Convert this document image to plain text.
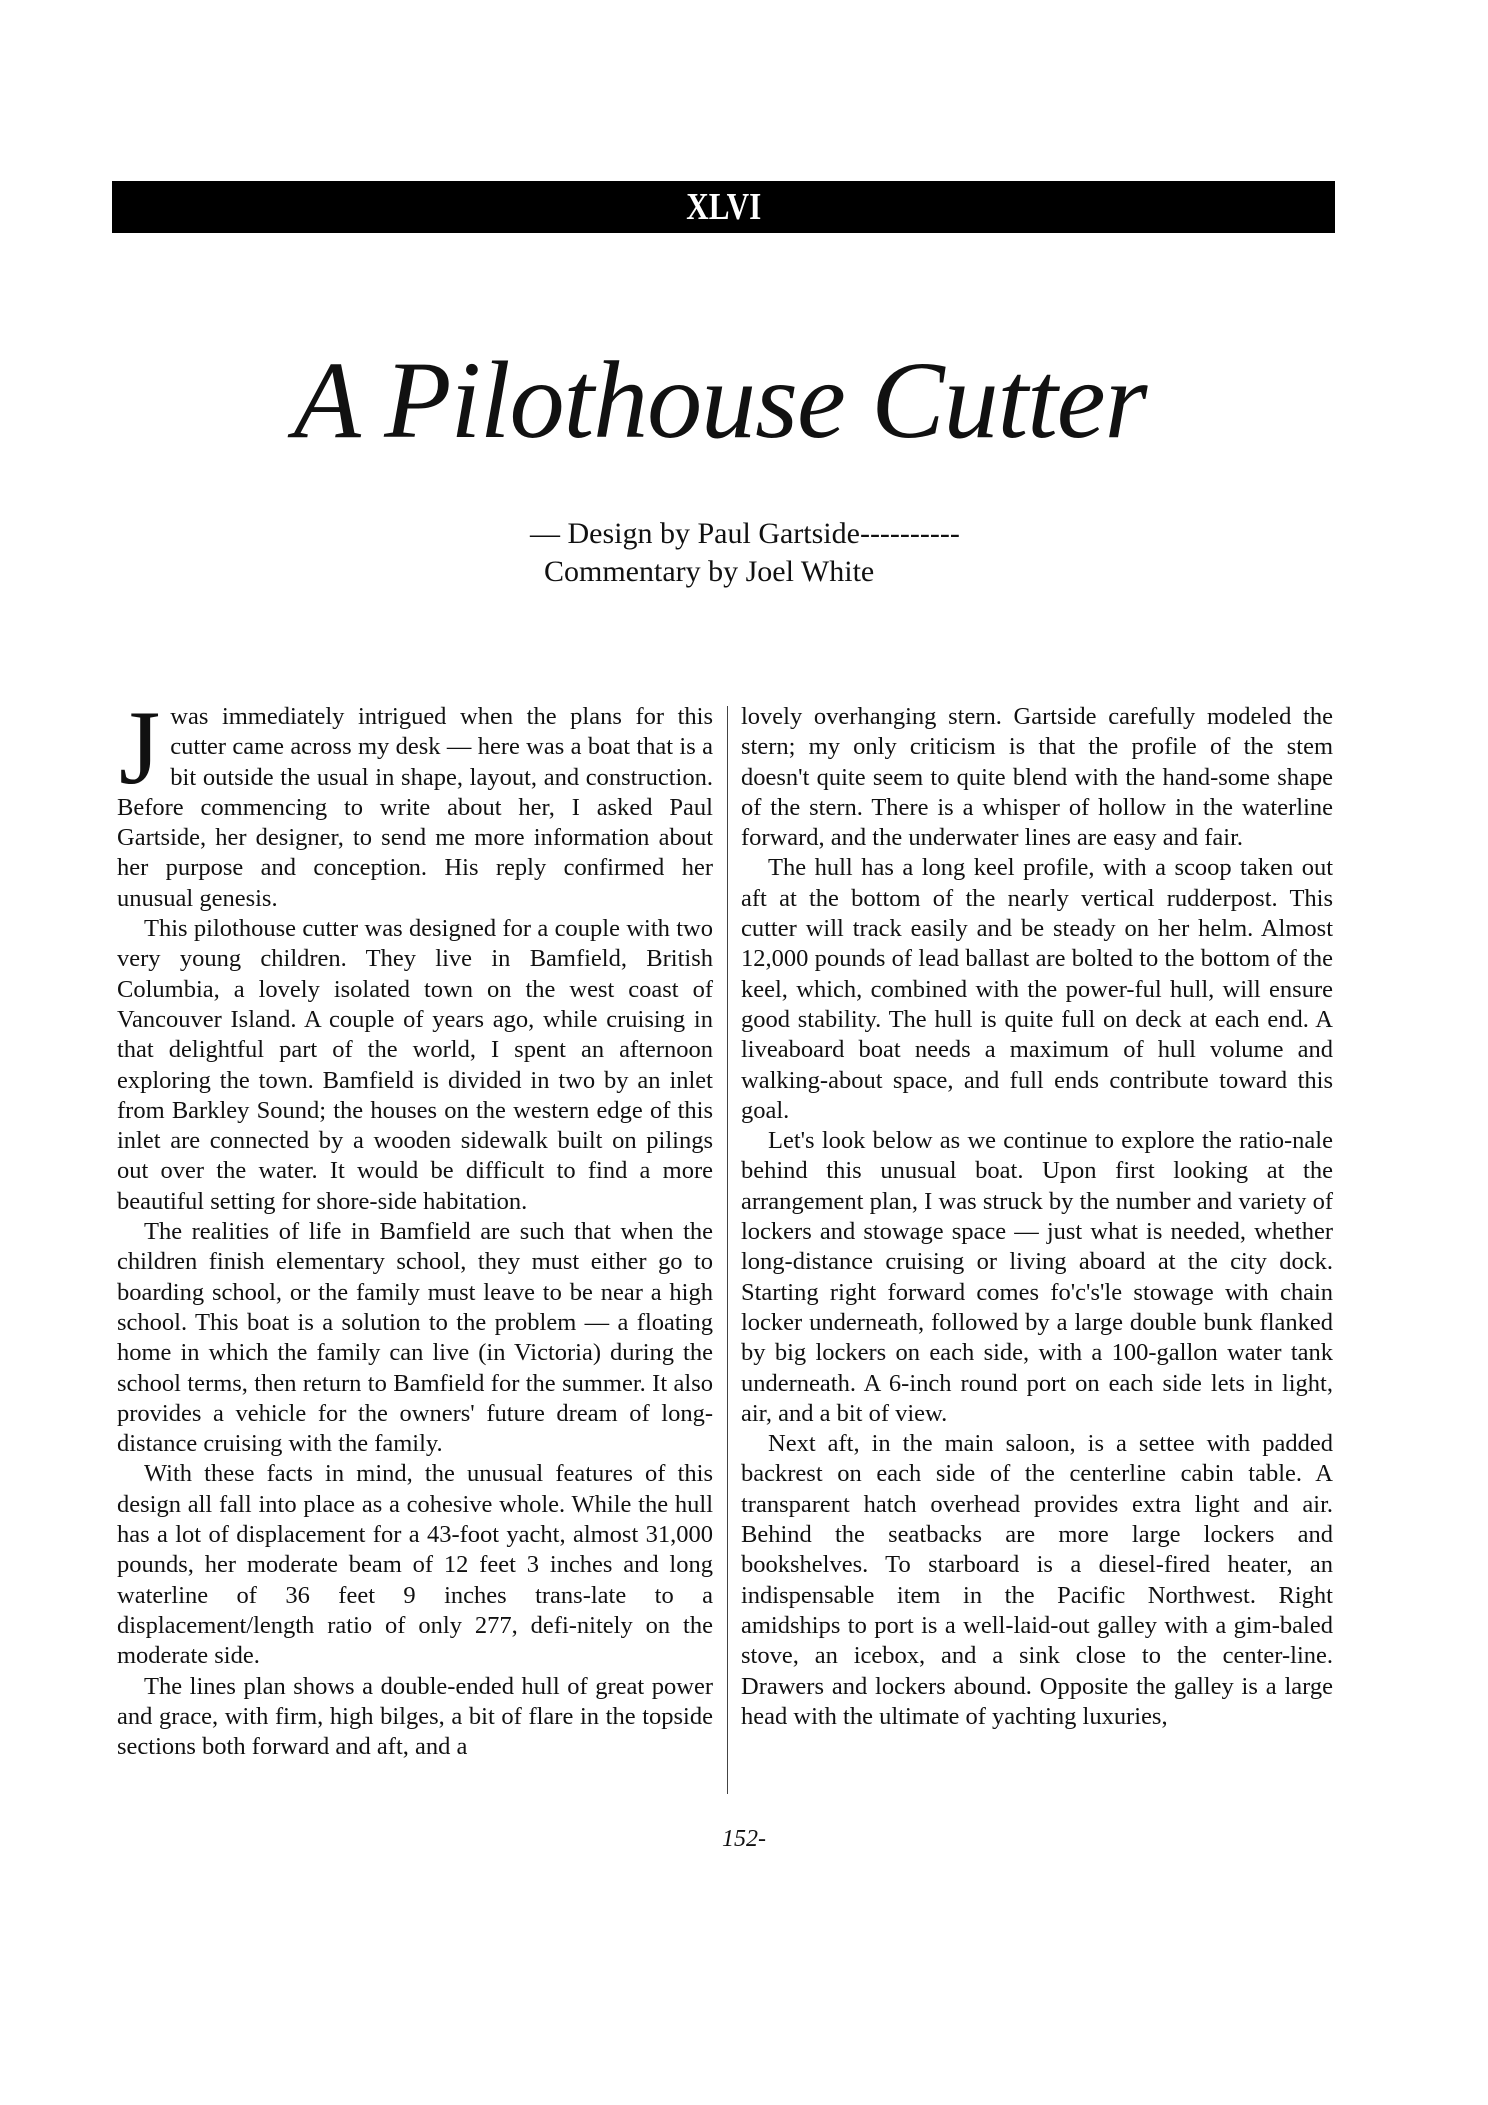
XLVI
A Pilothouse Cutter
— Design by Paul Gartside----------
Commentary by Joel White

Jwas immediately intrigued when the plans for this cutter came across my desk — here was a boat that is a bit outside the usual in shape, layout, and construction. Before commencing to write about her, I asked Paul Gartside, her designer, to send me more information about her purpose and conception. His reply confirmed her unusual genesis.

This pilothouse cutter was designed for a couple with two very young children. They live in Bamfield, British Columbia, a lovely isolated town on the west coast of Vancouver Island. A couple of years ago, while cruising in that delightful part of the world, I spent an afternoon exploring the town. Bamfield is divided in two by an inlet from Barkley Sound; the houses on the western edge of this inlet are connected by a wooden sidewalk built on pilings out over the water. It would be difficult to find a more beautiful setting for shore-side habitation.

The realities of life in Bamfield are such that when the children finish elementary school, they must either go to boarding school, or the family must leave to be near a high school. This boat is a solution to the problem — a floating home in which the family can live (in Victoria) during the school terms, then return to Bamfield for the summer. It also provides a vehicle for the owners' future dream of long-distance cruising with the family.

With these facts in mind, the unusual features of this design all fall into place as a cohesive whole. While the hull has a lot of displacement for a 43-foot yacht, almost 31,000 pounds, her moderate beam of 12 feet 3 inches and long waterline of 36 feet 9 inches trans-late to a displacement/length ratio of only 277, defi-nitely on the moderate side.

The lines plan shows a double-ended hull of great power and grace, with firm, high bilges, a bit of flare in the topside sections both forward and aft, and a

lovely overhanging stern. Gartside carefully modeled the stern; my only criticism is that the profile of the stem doesn't quite seem to quite blend with the hand-some shape of the stern. There is a whisper of hollow in the waterline forward, and the underwater lines are easy and fair.

The hull has a long keel profile, with a scoop taken out aft at the bottom of the nearly vertical rudderpost. This cutter will track easily and be steady on her helm. Almost 12,000 pounds of lead ballast are bolted to the bottom of the keel, which, combined with the power-ful hull, will ensure good stability. The hull is quite full on deck at each end. A liveaboard boat needs a maximum of hull volume and walking-about space, and full ends contribute toward this goal.

Let's look below as we continue to explore the ratio-nale behind this unusual boat. Upon first looking at the arrangement plan, I was struck by the number and variety of lockers and stowage space — just what is needed, whether long-distance cruising or living aboard at the city dock. Starting right forward comes fo'c's'le stowage with chain locker underneath, followed by a large double bunk flanked by big lockers on each side, with a 100-gallon water tank underneath. A 6-inch round port on each side lets in light, air, and a bit of view.

Next aft, in the main saloon, is a settee with padded backrest on each side of the centerline cabin table. A transparent hatch overhead provides extra light and air. Behind the seatbacks are more large lockers and bookshelves. To starboard is a diesel-fired heater, an indispensable item in the Pacific Northwest. Right amidships to port is a well-laid-out galley with a gim-baled stove, an icebox, and a sink close to the center-line. Drawers and lockers abound. Opposite the galley is a large head with the ultimate of yachting luxuries,

152-
